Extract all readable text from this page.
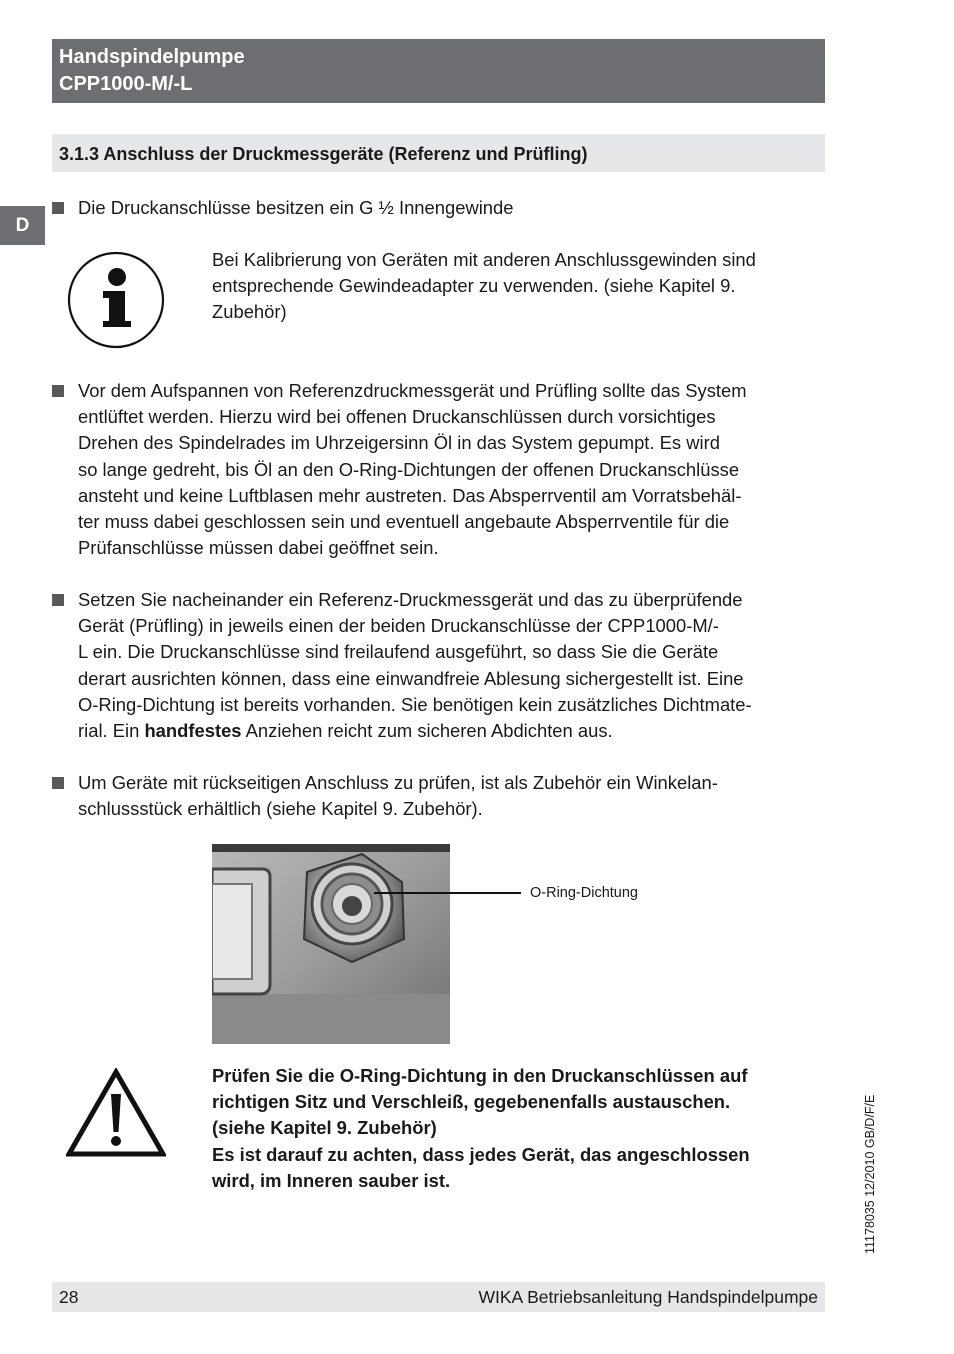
Handspindelpumpe
CPP1000-M/-L
3.1.3 Anschluss der Druckmessgeräte (Referenz und Prüfling)
D
Die Druckanschlüsse besitzen ein G ½ Innengewinde
Bei Kalibrierung von Geräten mit anderen Anschlussgewinden sind
entsprechende Gewindeadapter zu verwenden. (siehe Kapitel 9.
Zubehör)
Vor dem Aufspannen von Referenzdruckmessgerät und Prüfling sollte das System
entlüftet werden. Hierzu wird bei offenen Druckanschlüssen durch vorsichtiges
Drehen des Spindelrades im Uhrzeigersinn Öl in das System gepumpt. Es wird
so lange gedreht, bis Öl an den O-Ring-Dichtungen der offenen Druckanschlüsse
ansteht und keine Luftblasen mehr austreten. Das Absperrventil am Vorratsbehäl-
ter muss dabei geschlossen sein und eventuell angebaute Absperrventile für die
Prüfanschlüsse müssen dabei geöffnet sein.
Setzen Sie nacheinander ein Referenz-Druckmessgerät und das zu überprüfende
Gerät (Prüfling) in jeweils einen der beiden Druckanschlüsse der CPP1000-M/-
L ein. Die Druckanschlüsse sind freilaufend ausgeführt, so dass Sie die Geräte
derart ausrichten können, dass eine einwandfreie Ablesung sichergestellt ist. Eine
O-Ring-Dichtung ist bereits vorhanden. Sie benötigen kein zusätzliches Dichtmate-
rial. Ein handfestes Anziehen reicht zum sicheren Abdichten aus.
Um Geräte mit rückseitigen Anschluss zu prüfen, ist als Zubehör ein Winkelan-
schlussstück erhältlich (siehe Kapitel 9. Zubehör).
O-Ring-Dichtung
Prüfen Sie die O-Ring-Dichtung in den Druckanschlüssen auf
richtigen Sitz und Verschleiß, gegebenenfalls austauschen.
(siehe Kapitel 9. Zubehör)
Es ist darauf zu achten, dass jedes Gerät, das angeschlossen
wird, im Inneren sauber ist.	11178035 12/2010 GB/D/F/E
28	WIKA Betriebsanleitung Handspindelpumpe
